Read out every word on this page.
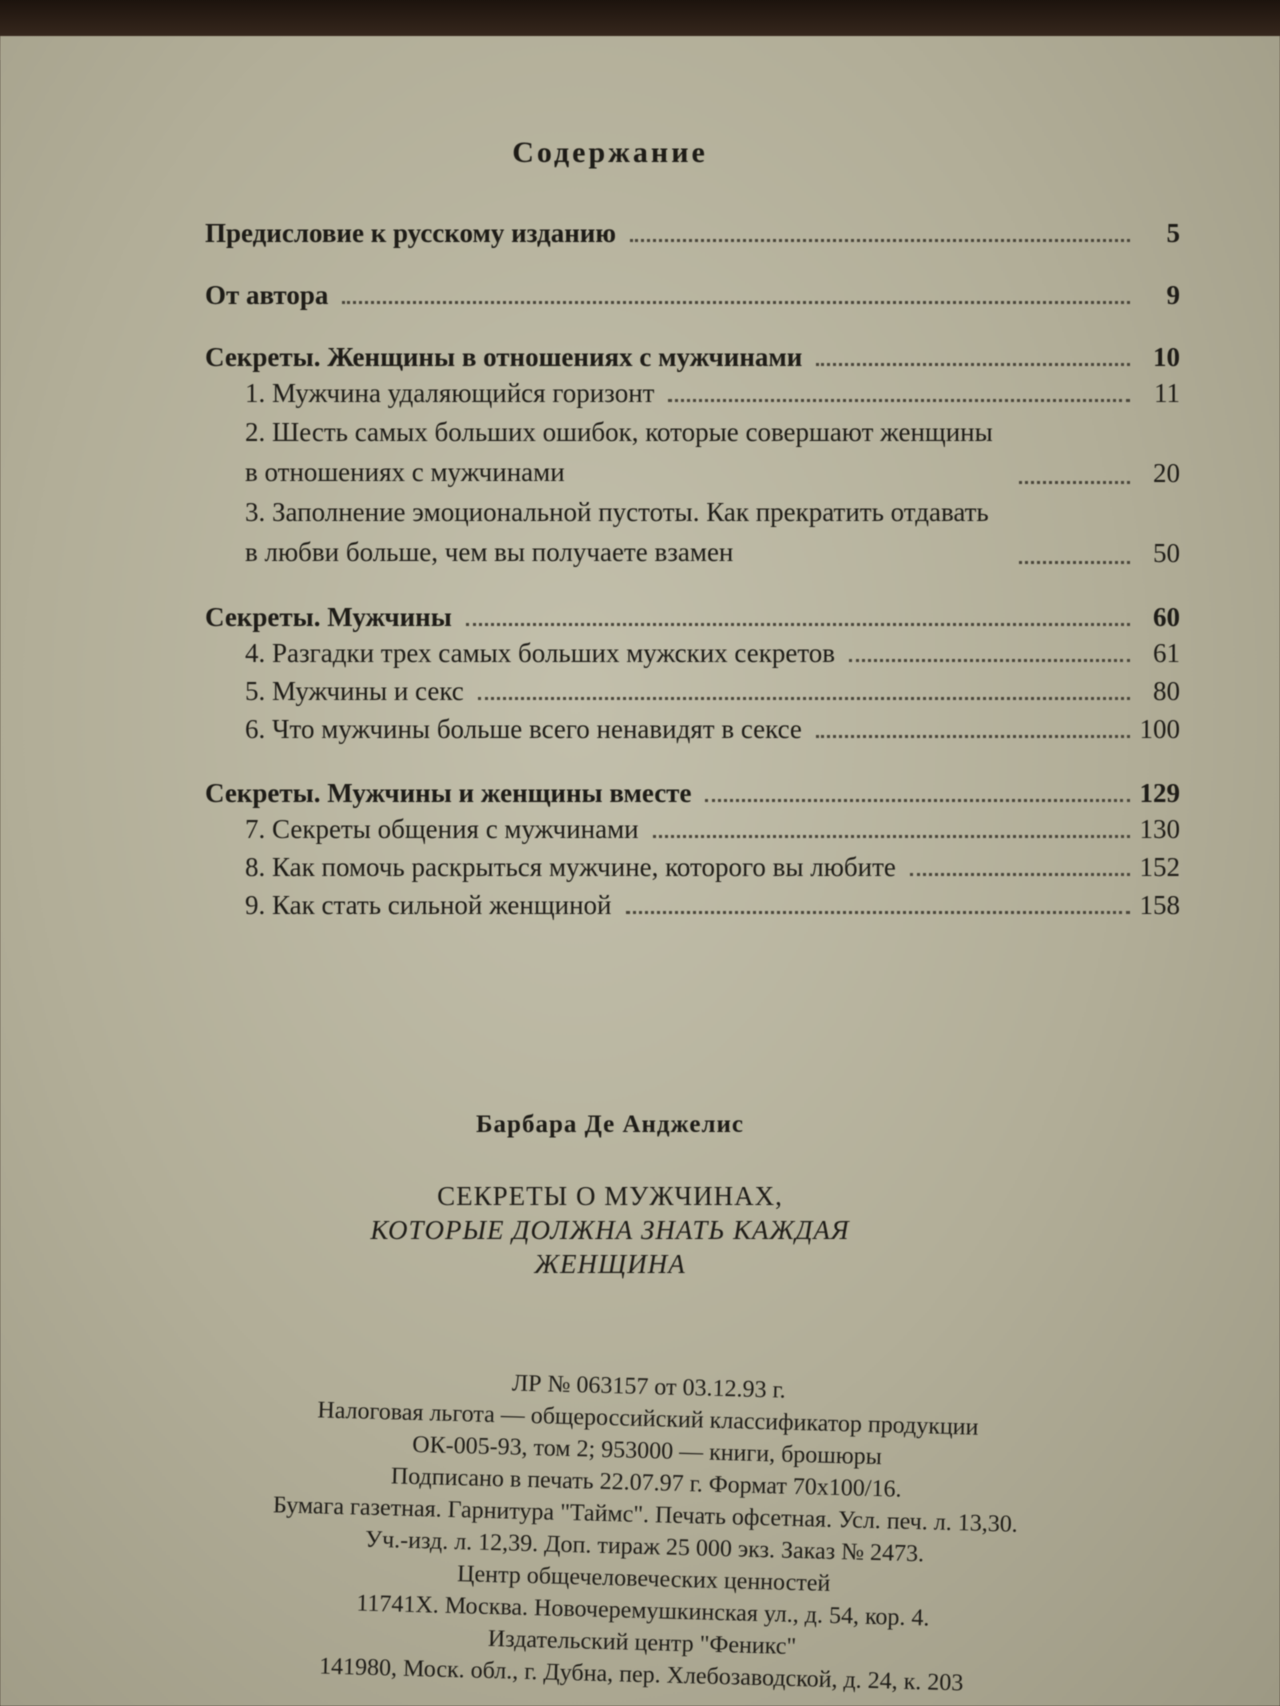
Содержание
Предисловие к русскому изданию	5
От автора	9
Секреты. Женщины в отношениях с мужчинами	10
1. Мужчина удаляющийся горизонт	11
2. Шесть самых больших ошибок, которые совершают женщины в отношениях с мужчинами	20
3. Заполнение эмоциональной пустоты. Как прекратить отдавать в любви больше, чем вы получаете взамен	50
Секреты. Мужчины	60
4. Разгадки трех самых больших мужских секретов	61
5. Мужчины и секс	80
6. Что мужчины больше всего ненавидят в сексе	100
Секреты. Мужчины и женщины вместе	129
7. Секреты общения с мужчинами	130
8. Как помочь раскрыться мужчине, которого вы любите	152
9. Как стать сильной женщиной	158
Барбара Де Анджелис
СЕКРЕТЫ О МУЖЧИНАХ,
КОТОРЫЕ ДОЛЖНА ЗНАТЬ КАЖДАЯ
ЖЕНЩИНА
ЛР № 063157 от 03.12.93 г.
Налоговая льгота — общероссийский классификатор продукции
ОК-005-93, том 2; 953000 — книги, брошюры
Подписано в печать 22.07.97 г. Формат 70x100/16.
Бумага газетная. Гарнитура "Таймс". Печать офсетная. Усл. печ. л. 13,30.
Уч.-изд. л. 12,39. Доп. тираж 25 000 экз. Заказ № 2473.
Центр общечеловеческих ценностей
11741Х. Москва. Новочеремушкинская ул., д. 54, кор. 4.
Издательский центр "Феникс"
141980, Моск. обл., г. Дубна, пер. Хлебозаводской, д. 24, к. 203
